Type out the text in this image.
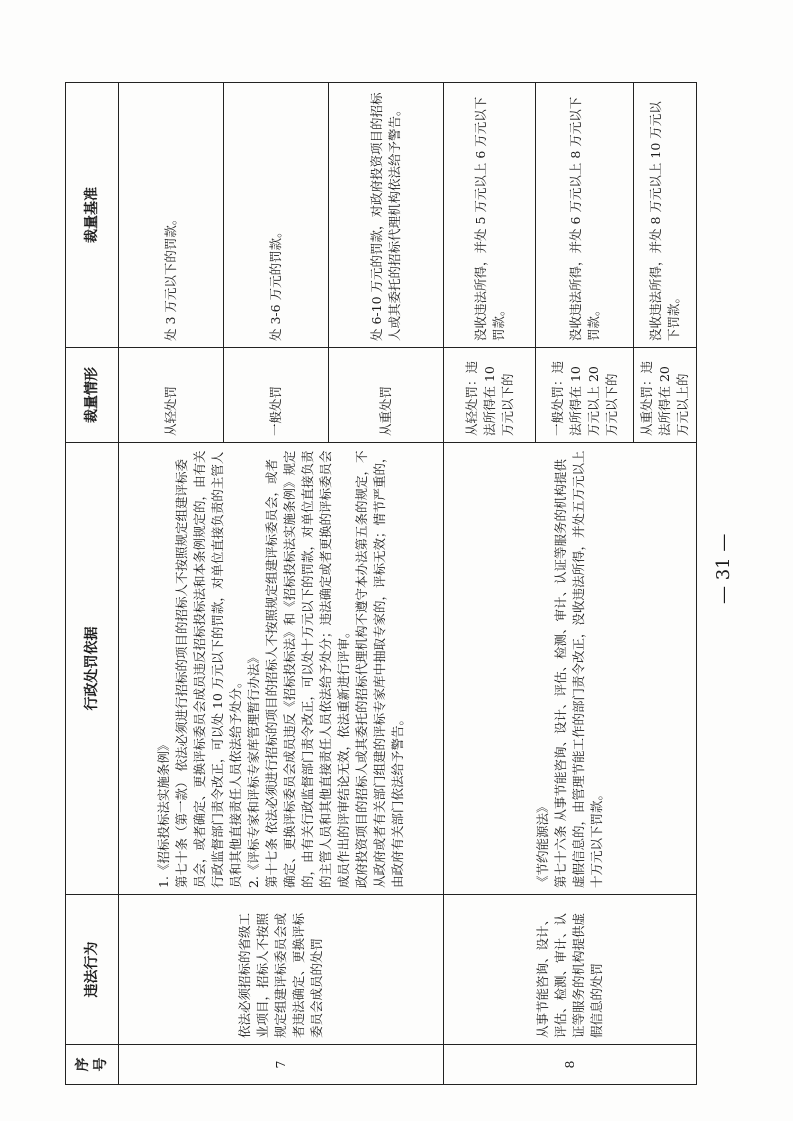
序号	违法行为	行政处罚依据	裁量情形	裁量基准
7	依法必须招标的省级工业项目，招标人不按照规定组建评标委员会或者违法确定、更换评标委员会成员的处罚	1.《招标投标法实施条例》 第七十条（第一款） 依法必须进行招标的项目的招标人不按照规定组建评标委员会，或者确定、更换评标委员会成员违反招标投标法和本条例规定的，由有关行政监督部门责令改正，可以处 10 万元以下的罚款，对单位直接负责的主管人员和其他直接责任人员依法给予处分。 2.《评标专家和评标专家库管理暂行办法》 第十七条 依法必须进行招标的项目的招标人不按照规定组建评标委员会，或者确定、更换评标委员会成员违反《招标投标法》和《招标投标法实施条例》规定的，由有关行政监督部门责令改正，可以处十万元以下的罚款，对单位直接负责的主管人员和其他直接责任人员依法给予处分；违法确定或者更换的评标委员会成员作出的评审结论无效，依法重新进行评审。 政府投资项目的招标人或其委托的招标代理机构不遵守本办法第五条的规定，不从政府或者有关部门组建的评标专家库中抽取专家的，评标无效；情节严重的，由政府有关部门依法给予警告。	从轻处罚	处 3 万元以下的罚款。
			一般处罚	处 3-6 万元的罚款。
			从重处罚	处 6-10 万元的罚款，对政府投资项目的招标人或其委托的招标代理机构依法给予警告。
8	从事节能咨询、设计、评估、检测、审计、认证等服务的机构提供虚假信息的处罚	《节约能源法》 第七十六条 从事节能咨询、设计、评估、检测、审计、认证等服务的机构提供虚假信息的，由管理节能工作的部门责令改正，没收违法所得，并处五万元以上十万元以下罚款。	从轻处罚：违法所得在 10 万元以下的	没收违法所得，并处 5 万元以上 6 万元以下罚款。
			一般处罚：违法所得在 10 万元以上 20 万元以下的	没收违法所得，并处 6 万元以上 8 万元以下罚款。
			从重处罚：违法所得在 20 万元以上的	没收违法所得，并处 8 万元以上 10 万元以下罚款。
— 31 —
